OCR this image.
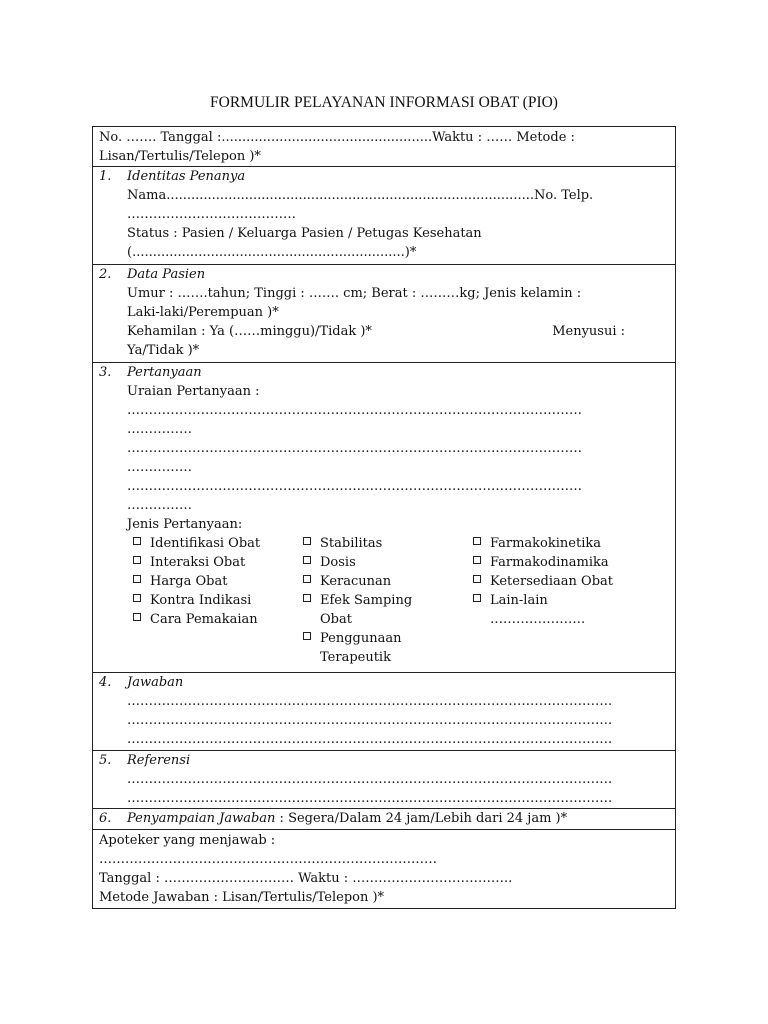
FORMULIR PELAYANAN INFORMASI OBAT (PIO)
No. ……. Tanggal :...................................................Waktu : …… Metode :
Lisan/Tertulis/Telepon )*
1. Identitas Penanya
Nama.........................................................................................No. Telp.
…………………………………
Status : Pasien / Keluarga Pasien / Petugas Kesehatan
(..................................................................)*
2. Data Pasien
Umur : …….tahun; Tinggi : ……. cm; Berat : ………kg; Jenis kelamin :
Laki-laki/Perempuan )*
Kehamilan : Ya (……minggu)/Tidak )*	Menyusui :
Ya/Tidak )*
3. Pertanyaan
Uraian Pertanyaan :
……………………………………………………………………………………………
……………
……………………………………………………………………………………………
……………
……………………………………………………………………………………………
……………
Jenis Pertanyaan:
Identifikasi Obat
Interaksi Obat
Harga Obat
Kontra Indikasi
Cara Pemakaian
Stabilitas
Dosis
Keracunan
Efek Samping
Obat
Penggunaan
Terapeutik
Farmakokinetika
Farmakodinamika
Ketersediaan Obat
Lain-lain
………………….
4. Jawaban
………………………………………………………………………………………………….
………………………………………………………………………………………………….
………………………………………………………………………………………………….
5. Referensi
………………………………………………………………………………………………….
………………………………………………………………………………………………….
6. Penyampaian Jawaban : Segera/Dalam 24 jam/Lebih dari 24 jam )*
Apoteker yang menjawab :
……………………………………………………………………
Tanggal : ………………………… Waktu : ……………………………….
Metode Jawaban : Lisan/Tertulis/Telepon )*
